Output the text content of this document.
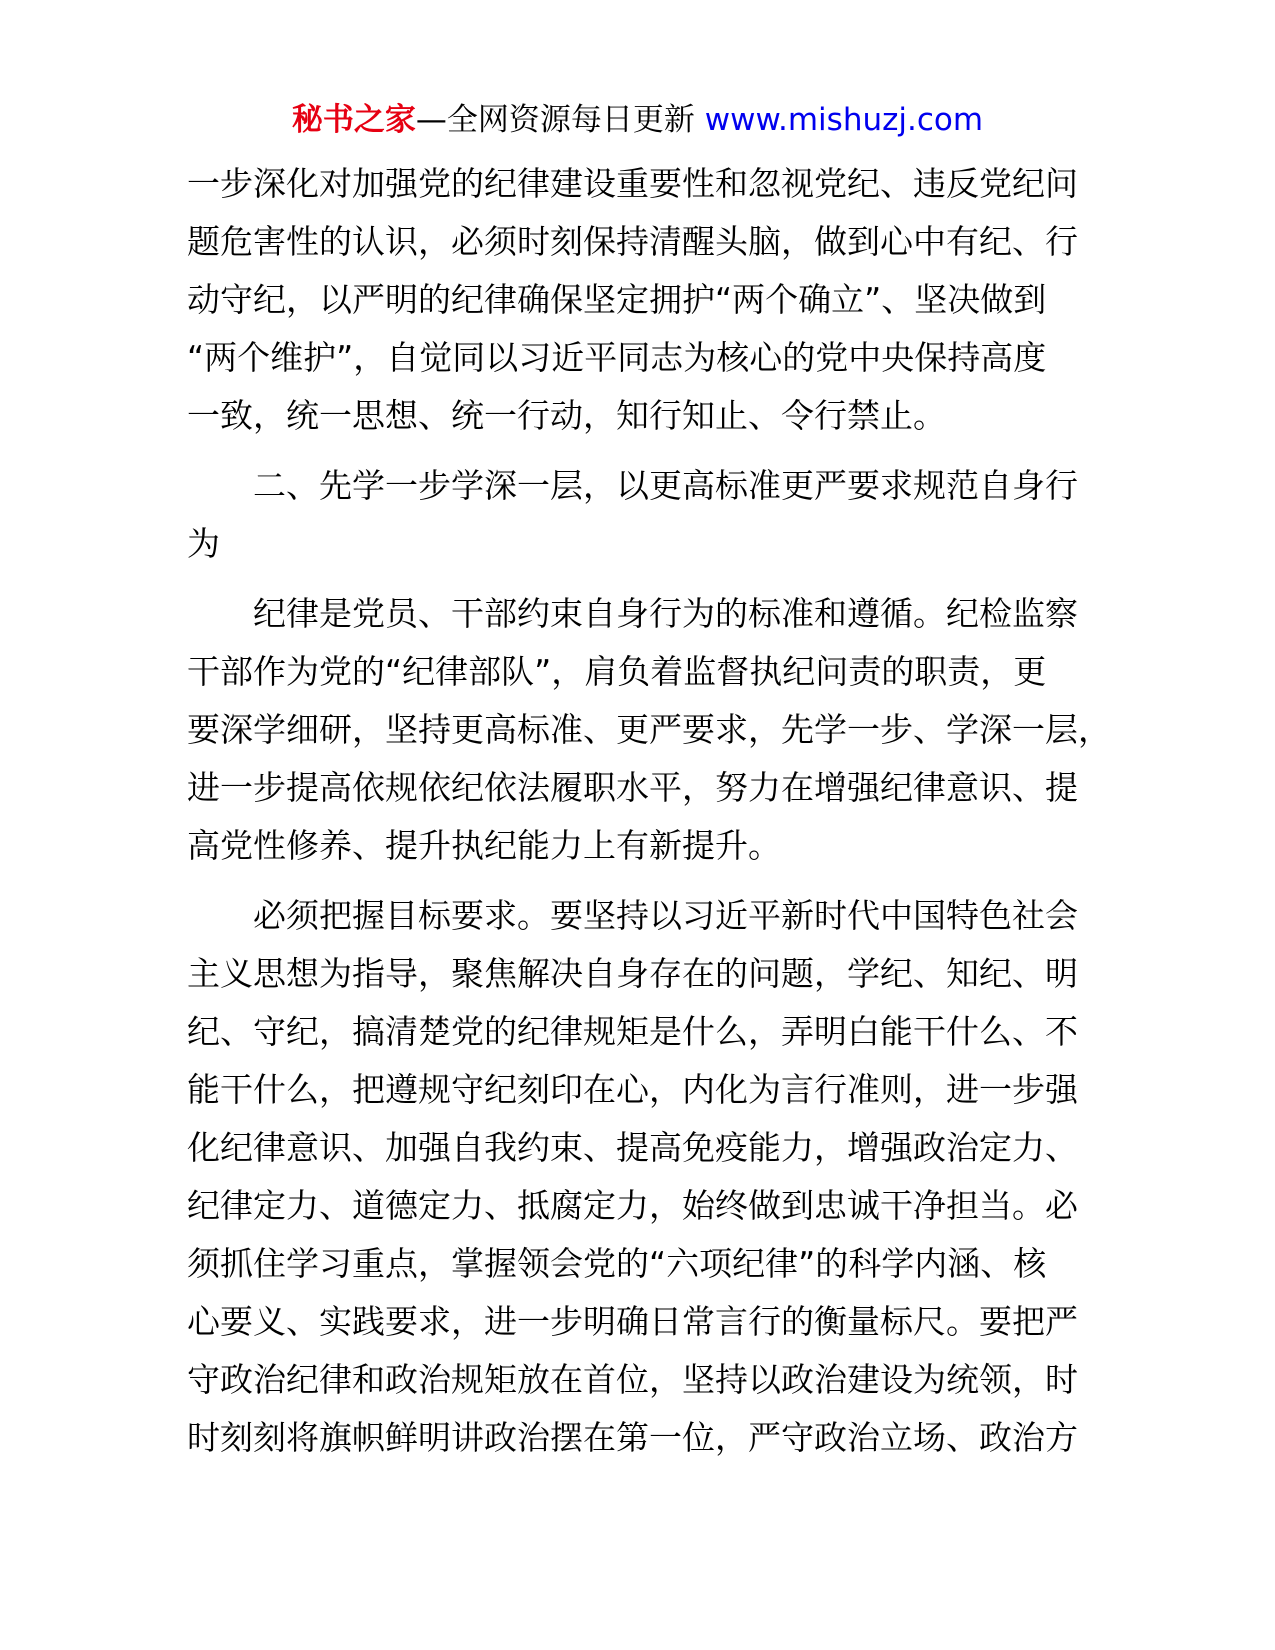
秘书之家—全网资源每日更新 www.mishuzj.com
一步深化对加强党的纪律建设重要性和忽视党纪、违反党纪问
题危害性的认识，必须时刻保持清醒头脑，做到心中有纪、行
动守纪，以严明的纪律确保坚定拥护“两个确立”、坚决做到
“两个维护”，自觉同以习近平同志为核心的党中央保持高度
一致，统一思想、统一行动，知行知止、令行禁止。
　　二、先学一步学深一层，以更高标准更严要求规范自身行
为
　　纪律是党员、干部约束自身行为的标准和遵循。纪检监察
干部作为党的“纪律部队”，肩负着监督执纪问责的职责，更
要深学细研，坚持更高标准、更严要求，先学一步、学深一层，
进一步提高依规依纪依法履职水平，努力在增强纪律意识、提
高党性修养、提升执纪能力上有新提升。
　　必须把握目标要求。要坚持以习近平新时代中国特色社会
主义思想为指导，聚焦解决自身存在的问题，学纪、知纪、明
纪、守纪，搞清楚党的纪律规矩是什么，弄明白能干什么、不
能干什么，把遵规守纪刻印在心，内化为言行准则，进一步强
化纪律意识、加强自我约束、提高免疫能力，增强政治定力、
纪律定力、道德定力、抵腐定力，始终做到忠诚干净担当。必
须抓住学习重点，掌握领会党的“六项纪律”的科学内涵、核
心要义、实践要求，进一步明确日常言行的衡量标尺。要把严
守政治纪律和政治规矩放在首位，坚持以政治建设为统领，时
时刻刻将旗帜鲜明讲政治摆在第一位，严守政治立场、政治方
